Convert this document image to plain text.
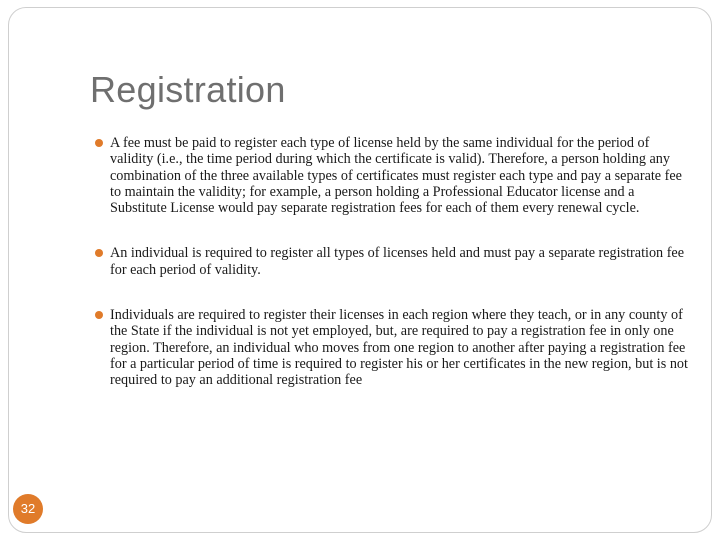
Registration
A fee must be paid to register each type of license held by the same individual for the period of validity (i.e., the time period during which the certificate is valid). Therefore, a person holding any combination of the three available types of certificates must register each type and pay a separate fee to maintain the validity; for example, a person holding a Professional Educator license and a Substitute License would pay separate registration fees for each of them every renewal cycle.
An individual is required to register all types of licenses held and must pay a separate registration fee for each period of validity.
Individuals are required to register their licenses in each region where they teach, or in any county of the State if the individual is not yet employed, but, are required to pay a registration fee in only one region. Therefore, an individual who moves from one region to another after paying a registration fee for a particular period of time is required to register his or her certificates in the new region, but is not required to pay an additional registration fee
32
